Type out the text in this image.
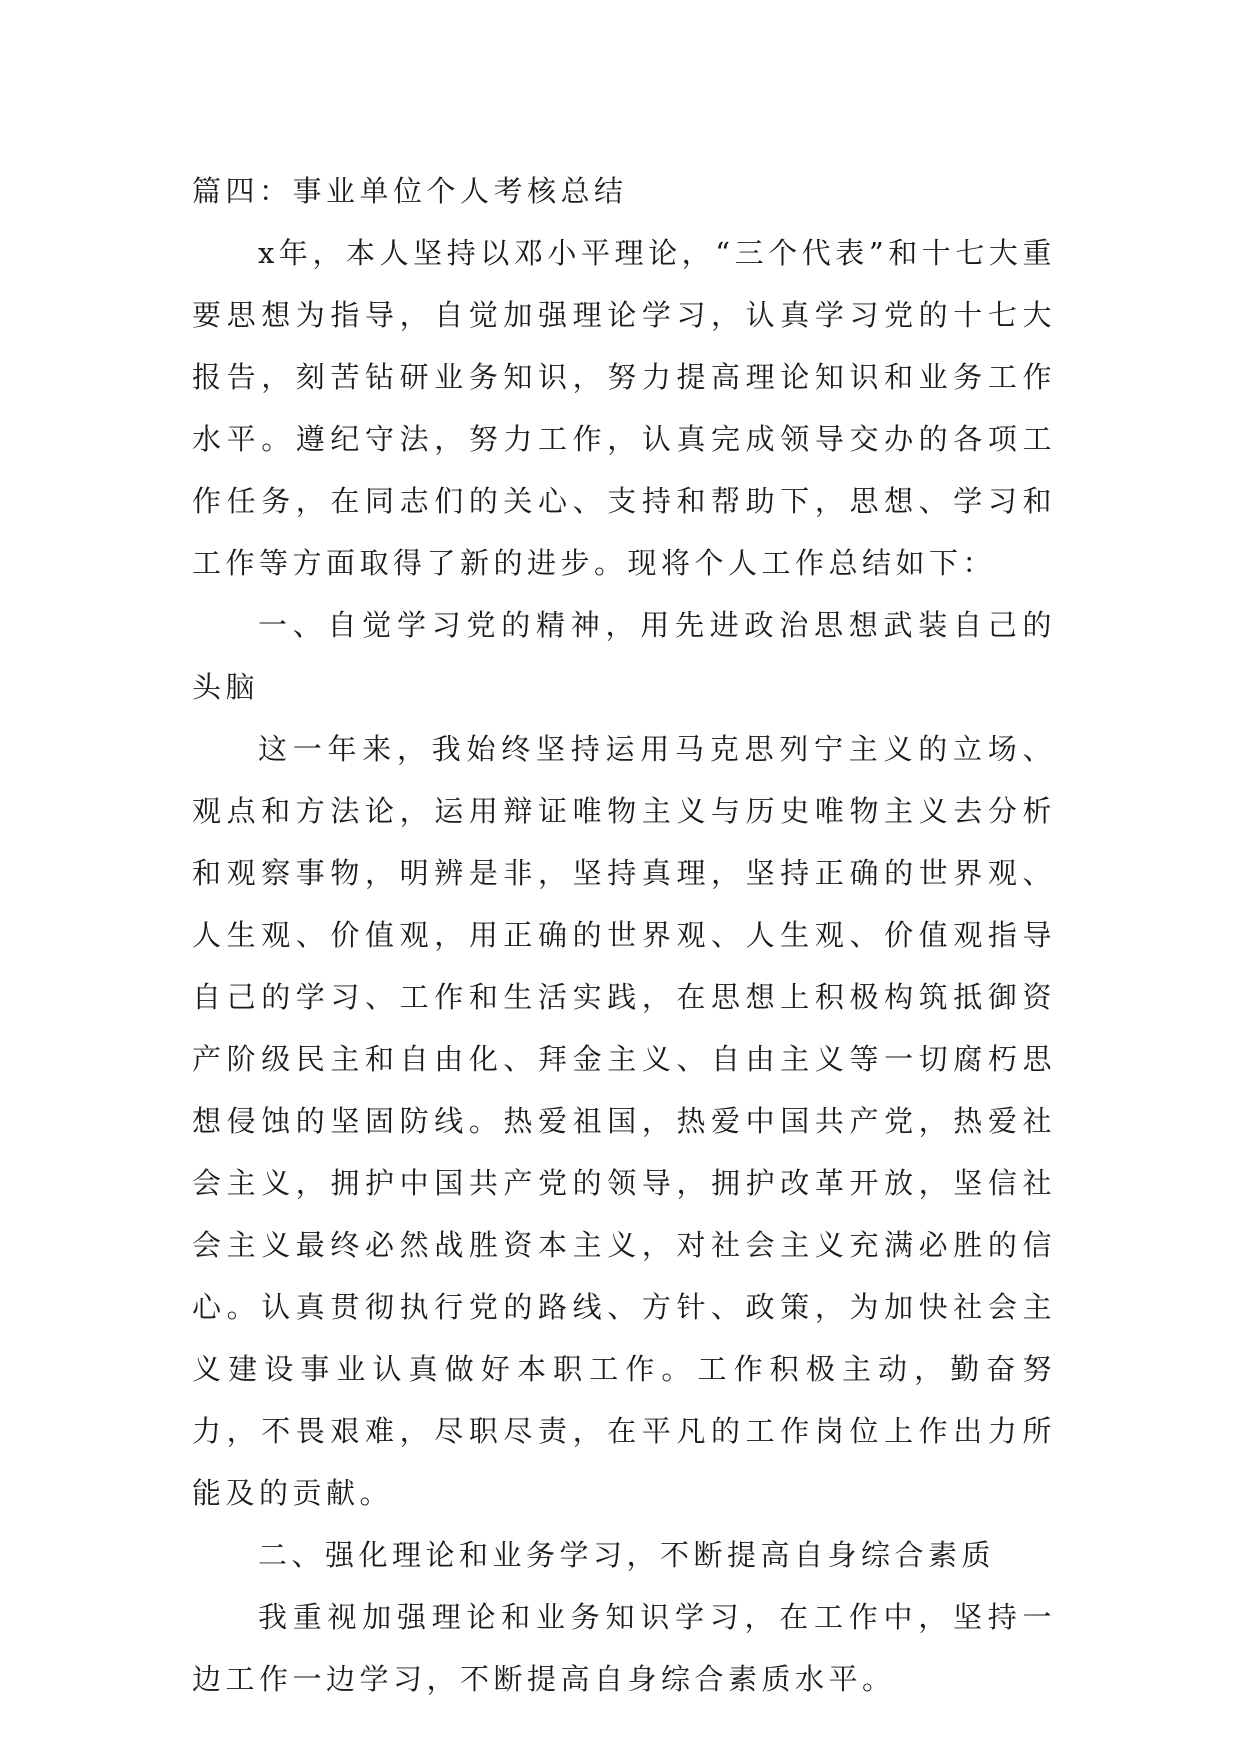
篇四：事业单位个人考核总结

x年，本人坚持以邓小平理论，“三个代表”和十七大重要思想为指导，自觉加强理论学习，认真学习党的十七大报告，刻苦钻研业务知识，努力提高理论知识和业务工作水平。遵纪守法，努力工作，认真完成领导交办的各项工作任务，在同志们的关心、支持和帮助下，思想、学习和工作等方面取得了新的进步。现将个人工作总结如下：

一、自觉学习党的精神，用先进政治思想武装自己的头脑

这一年来，我始终坚持运用马克思列宁主义的立场、观点和方法论，运用辩证唯物主义与历史唯物主义去分析和观察事物，明辨是非，坚持真理，坚持正确的世界观、人生观、价值观，用正确的世界观、人生观、价值观指导自己的学习、工作和生活实践，在思想上积极构筑抵御资产阶级民主和自由化、拜金主义、自由主义等一切腐朽思想侵蚀的坚固防线。热爱祖国，热爱中国共产党，热爱社会主义，拥护中国共产党的领导，拥护改革开放，坚信社会主义最终必然战胜资本主义，对社会主义充满必胜的信心。认真贯彻执行党的路线、方针、政策，为加快社会主义建设事业认真做好本职工作。工作积极主动，勤奋努力，不畏艰难，尽职尽责，在平凡的工作岗位上作出力所能及的贡献。

二、强化理论和业务学习，不断提高自身综合素质

我重视加强理论和业务知识学习，在工作中，坚持一边工作一边学习，不断提高自身综合素质水平。
